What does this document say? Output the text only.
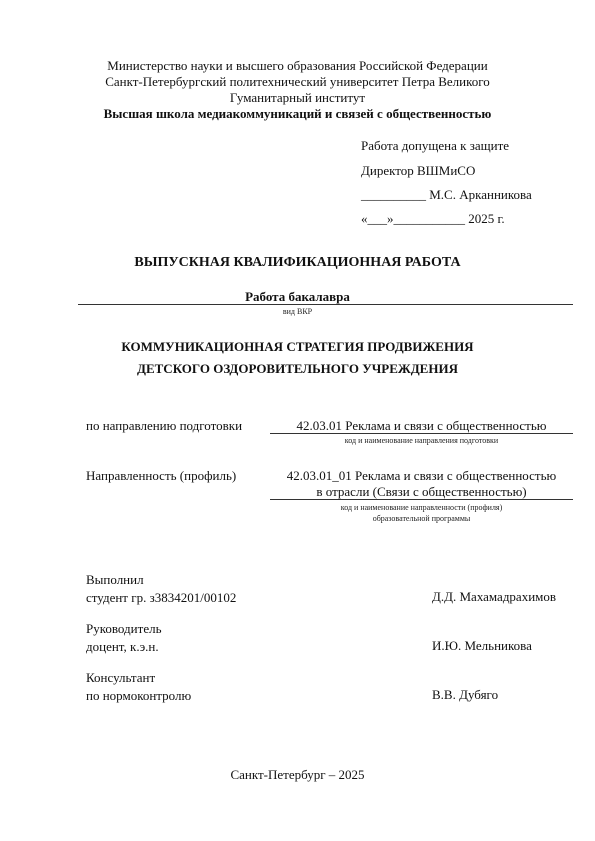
Министерство науки и высшего образования Российской Федерации
Санкт-Петербургский политехнический университет Петра Великого
Гуманитарный институт
Высшая школа медиакоммуникаций и связей с общественностью
Работа допущена к защите
Директор ВШМиСО
__________ М.С. Арканникова
«___»___________ 2025 г.
ВЫПУСКНАЯ КВАЛИФИКАЦИОННАЯ РАБОТА
Работа бакалавра
вид ВКР
КОММУНИКАЦИОННАЯ СТРАТЕГИЯ ПРОДВИЖЕНИЯ
ДЕТСКОГО ОЗДОРОВИТЕЛЬНОГО УЧРЕЖДЕНИЯ
по направлению подготовки	42.03.01 Реклама и связи с общественностью
код и наименование направления подготовки
Направленность (профиль)	42.03.01_01 Реклама и связи с общественностью
в отрасли (Связи с общественностью)
код и наименование направленности (профиля)
образовательной программы
Выполнил
студент гр. з3834201/00102	Д.Д. Махамадрахимов
Руководитель
доцент, к.э.н.	И.Ю. Мельникова
Консультант
по нормоконтролю	В.В. Дубяго
Санкт-Петербург – 2025
